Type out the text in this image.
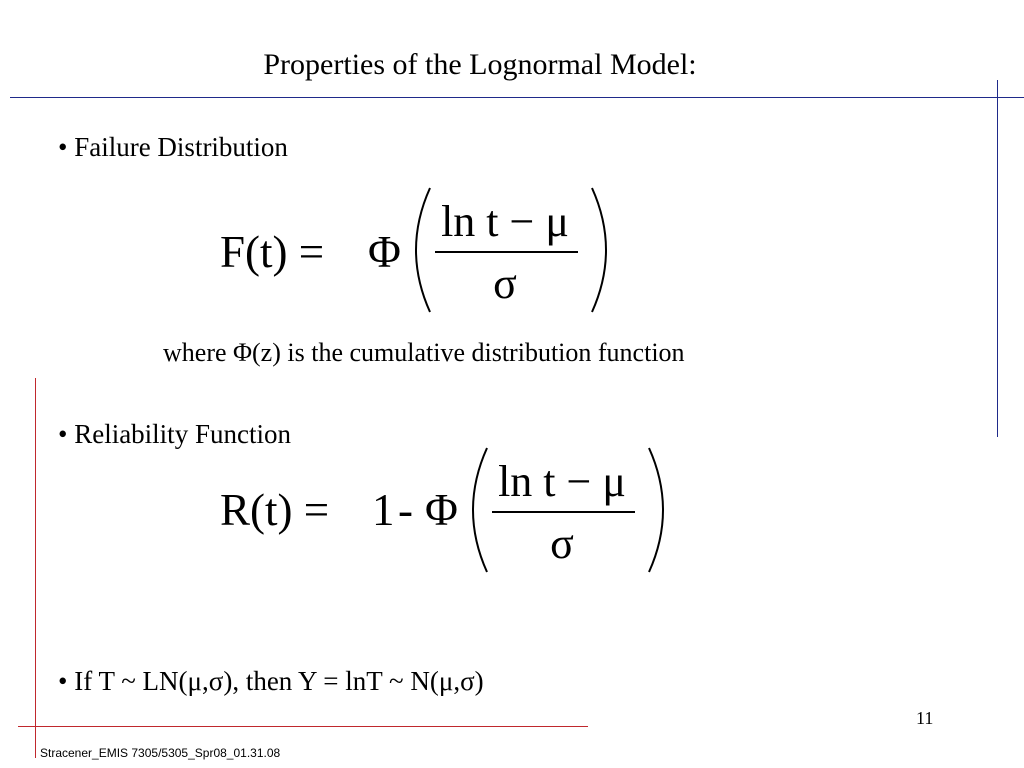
Properties of the Lognormal Model:
• Failure Distribution
F(t) = Φ
ln t − μ
σ
where Φ(z) is the cumulative distribution function
• Reliability Function
R(t) = 1 - Φ
ln t − μ
σ
• If T ~ LN(μ,σ), then Y = lnT ~ N(μ,σ)
11
Stracener_EMIS 7305/5305_Spr08_01.31.08
